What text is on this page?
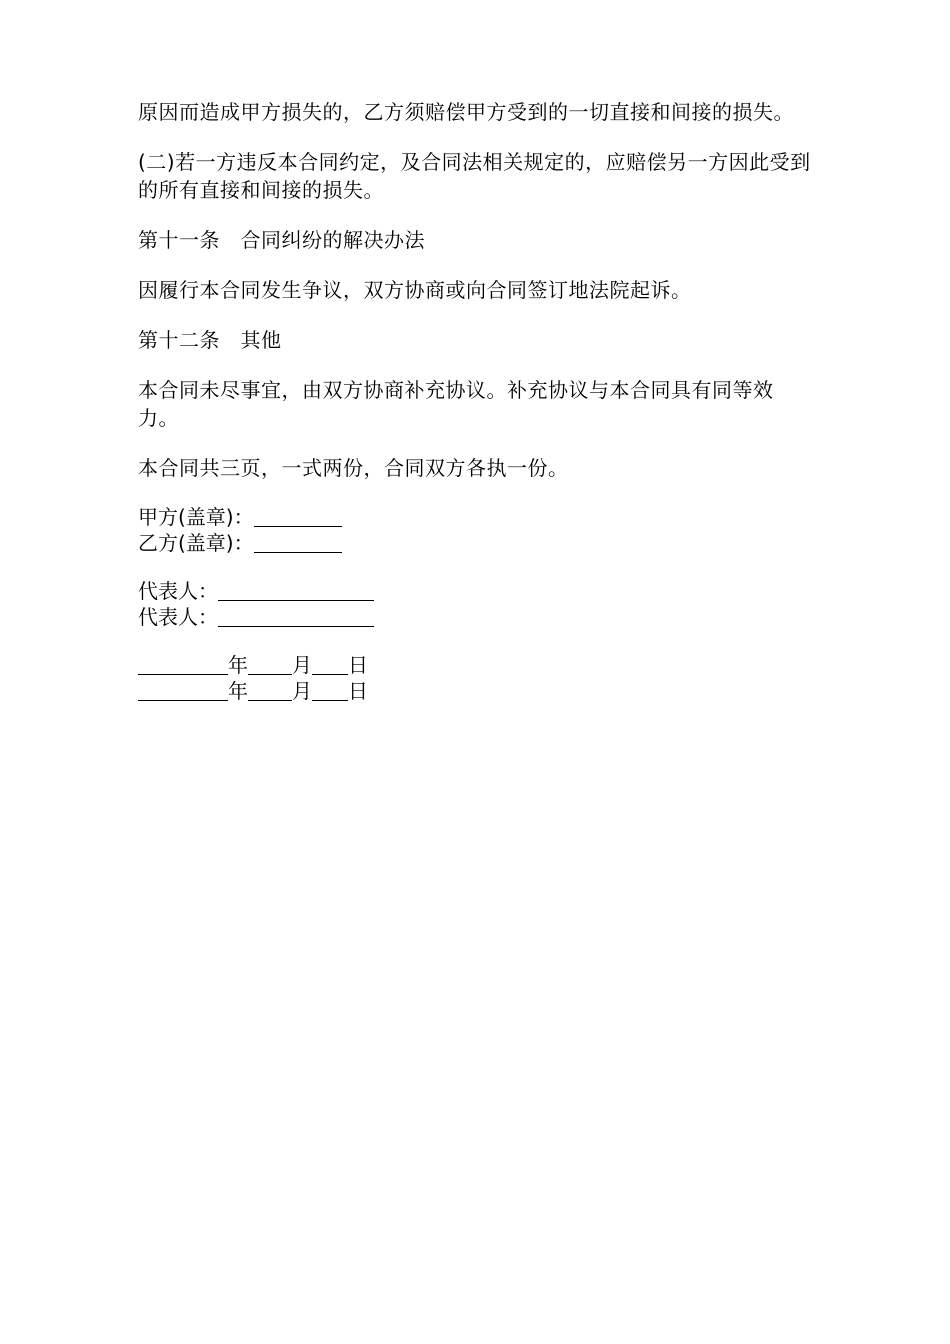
原因而造成甲方损失的，乙方须赔偿甲方受到的一切直接和间接的损失。

(二)若一方违反本合同约定，及合同法相关规定的，应赔偿另一方因此受到的所有直接和间接的损失。

第十一条　合同纠纷的解决办法

因履行本合同发生争议，双方协商或向合同签订地法院起诉。

第十二条　其他

本合同未尽事宜，由双方协商补充协议。补充协议与本合同具有同等效力。

本合同共三页，一式两份，合同双方各执一份。

甲方(盖章)：
乙方(盖章)：
代表人：
代表人：
年 月 日
年 月 日
